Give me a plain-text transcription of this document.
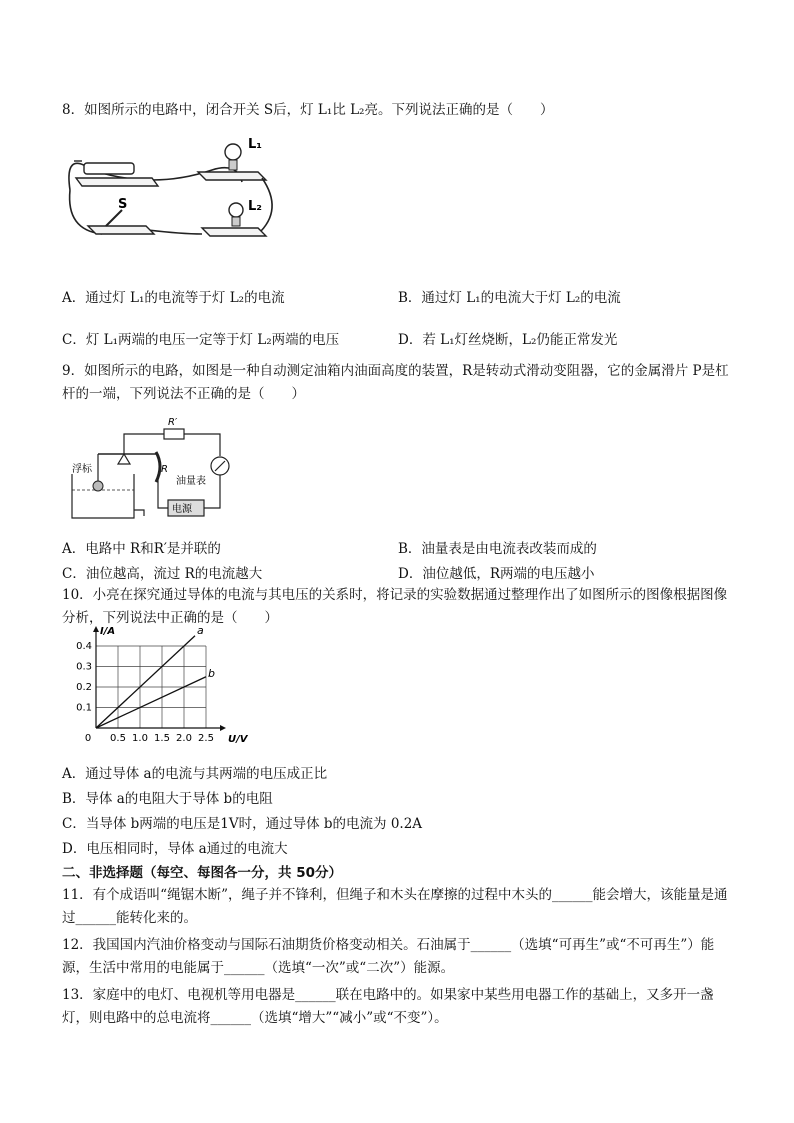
8．如图所示的电路中，闭合开关 S后，灯 L₁比 L₂亮。下列说法正确的是（　　）
L₁
S	L₂
A．通过灯 L₁的电流等于灯 L₂的电流	B．通过灯 L₁的电流大于灯 L₂的电流
C．灯 L₁两端的电压一定等于灯 L₂两端的电压	D．若 L₁灯丝烧断，L₂仍能正常发光
9．如图所示的电路，如图是一种自动测定油箱内油面高度的装置，R是转动式滑动变阻器，它的金属滑片 P是杠杆的一端，下列说法不正确的是（　　）
电源
R′
R
油量表
浮标
A．电路中 R和R′是并联的	B．油量表是由电流表改装而成的
C．油位越高，流过 R的电流越大	D．油位越低，R两端的电压越小
10．小亮在探究通过导体的电流与其电压的关系时，将记录的实验数据通过整理作出了如图所示的图像根据图像分析，下列说法中正确的是（　　）
0 0.5 1.0 1.5 2.0 2.5
0.1
0.2
0.3
0.4
U/V
I/A	a
b
A．通过导体 a的电流与其两端的电压成正比
B．导体 a的电阻大于导体 b的电阻
C．当导体 b两端的电压是1V时，通过导体 b的电流为 0.2A
D．电压相同时，导体 a通过的电流大
二、非选择题（每空、每图各一分，共 50分）
11．有个成语叫“绳锯木断”，绳子并不锋利，但绳子和木头在摩擦的过程中木头的______能会增大，该能量是通过______能转化来的。
12．我国国内汽油价格变动与国际石油期货价格变动相关。石油属于______（选填“可再生”或“不可再生”）能源，生活中常用的电能属于______（选填“一次”或“二次”）能源。
13．家庭中的电灯、电视机等用电器是______联在电路中的。如果家中某些用电器工作的基础上，又多开一盏灯，则电路中的总电流将______（选填“增大”“减小”或“不变”）。
